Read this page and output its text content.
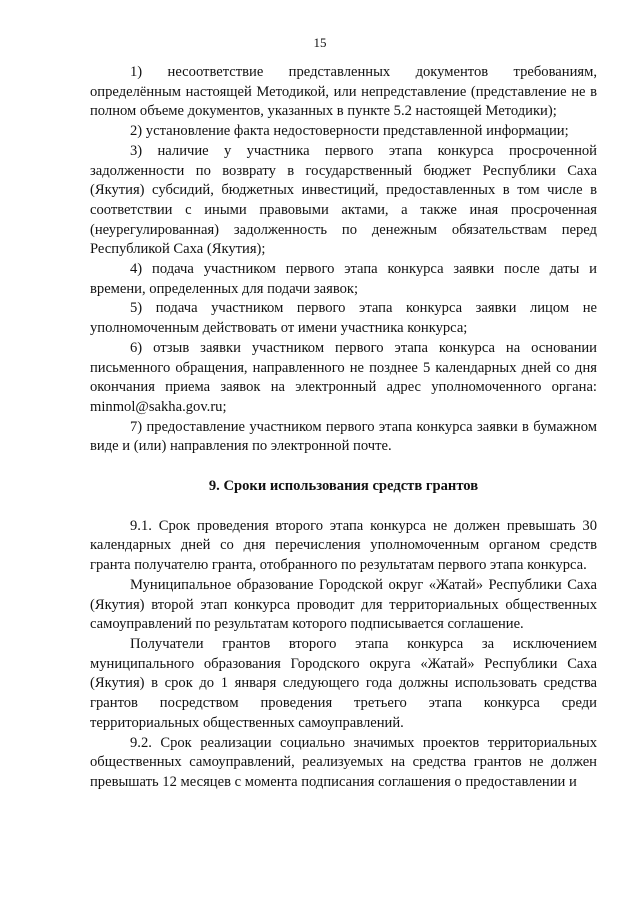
15

1) несоответствие представленных документов требованиям, определённым настоящей Методикой, или непредставление (представление не в полном объеме документов, указанных в пункте 5.2 настоящей Методики);

2) установление факта недостоверности представленной информации;

3) наличие у участника первого этапа конкурса просроченной задолженности по возврату в государственный бюджет Республики Саха (Якутия) субсидий, бюджетных инвестиций, предоставленных в том числе в соответствии с иными правовыми актами, а также иная просроченная (неурегулированная) задолженность по денежным обязательствам перед Республикой Саха (Якутия);

4) подача участником первого этапа конкурса заявки после даты и времени, определенных для подачи заявок;

5) подача участником первого этапа конкурса заявки лицом не уполномоченным действовать от имени участника конкурса;

6) отзыв заявки участником первого этапа конкурса на основании письменного обращения, направленного не позднее 5 календарных дней со дня окончания приема заявок на электронный адрес уполномоченного органа: minmol@sakha.gov.ru;

7) предоставление участником первого этапа конкурса заявки в бумажном виде и (или) направления по электронной почте.

9. Сроки использования средств грантов

9.1. Срок проведения второго этапа конкурса не должен превышать 30 календарных дней со дня перечисления уполномоченным органом средств гранта получателю гранта, отобранного по результатам первого этапа конкурса.

Муниципальное образование Городской округ «Жатай» Республики Саха (Якутия) второй этап конкурса проводит для территориальных общественных самоуправлений по результатам которого подписывается соглашение.

Получатели грантов второго этапа конкурса за исключением муниципального образования Городского округа «Жатай» Республики Саха (Якутия) в срок до 1 января следующего года должны использовать средства грантов посредством проведения третьего этапа конкурса среди территориальных общественных самоуправлений.

9.2. Срок реализации социально значимых проектов территориальных общественных самоуправлений, реализуемых на средства грантов не должен превышать 12 месяцев с момента подписания соглашения о предоставлении и
